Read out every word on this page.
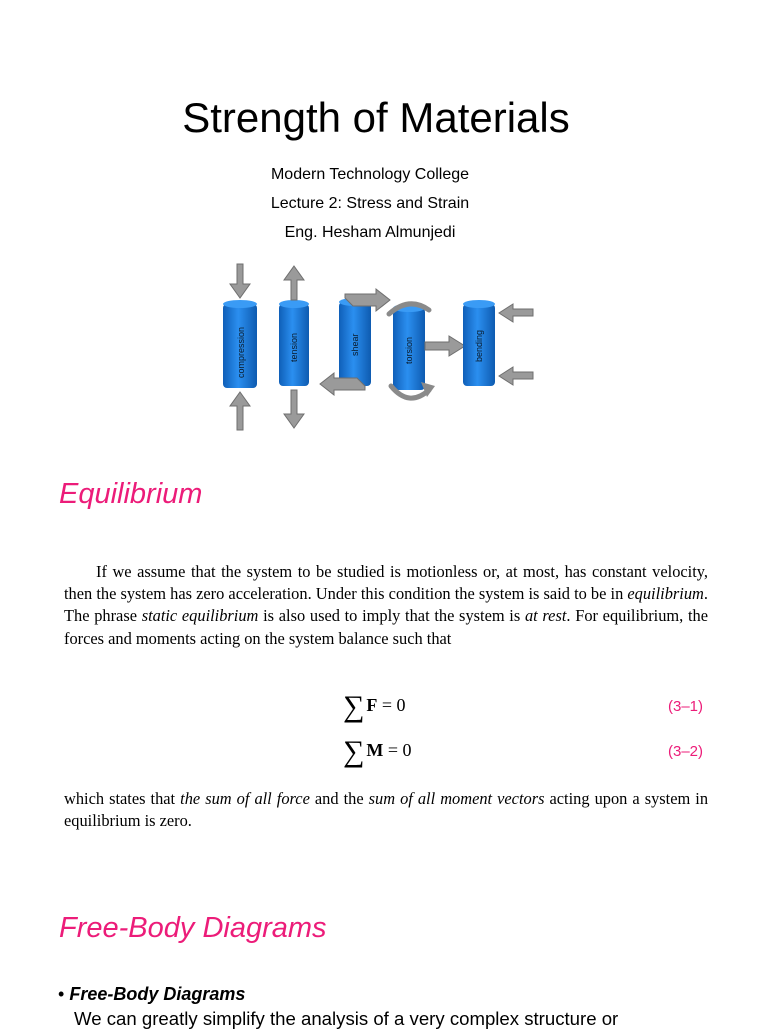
Strength of Materials
Modern Technology College
Lecture 2: Stress and Strain
Eng. Hesham Almunjedi
compression	tension	shear	torsion	bending
Equilibrium

If we assume that the system to be studied is motionless or, at most, has constant velocity, then the system has zero acceleration. Under this condition the system is said to be in equilibrium. The phrase static equilibrium is also used to imply that the system is at rest. For equilibrium, the forces and moments acting on the system balance such that

∑ F = 0	(3–1)
∑ M = 0	(3–2)

which states that the sum of all force and the sum of all moment vectors acting upon a system in equilibrium is zero.

Free-Body Diagrams
• Free-Body Diagrams
We can greatly simplify the analysis of a very complex structure or
